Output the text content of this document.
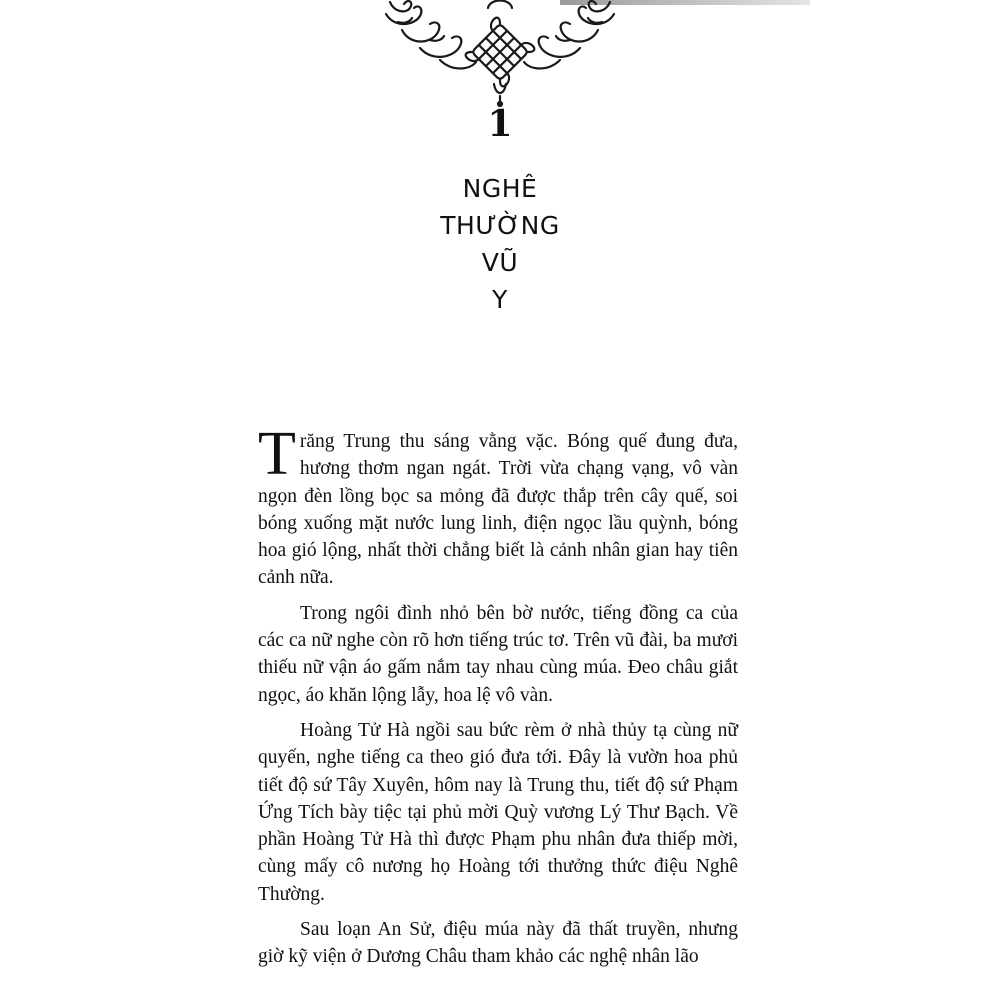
1
NGHÊ
THƯỜNG
VŨ
Y

Trăng Trung thu sáng vằng vặc. Bóng quế đung đưa, hương thơm ngan ngát. Trời vừa chạng vạng, vô vàn ngọn đèn lồng bọc sa mỏng đã được thắp trên cây quế, soi bóng xuống mặt nước lung linh, điện ngọc lầu quỳnh, bóng hoa gió lộng, nhất thời chẳng biết là cảnh nhân gian hay tiên cảnh nữa.

Trong ngôi đình nhỏ bên bờ nước, tiếng đồng ca của các ca nữ nghe còn rõ hơn tiếng trúc tơ. Trên vũ đài, ba mươi thiếu nữ vận áo gấm nắm tay nhau cùng múa. Đeo châu giắt ngọc, áo khăn lộng lẫy, hoa lệ vô vàn.

Hoàng Tử Hà ngồi sau bức rèm ở nhà thủy tạ cùng nữ quyến, nghe tiếng ca theo gió đưa tới. Đây là vườn hoa phủ tiết độ sứ Tây Xuyên, hôm nay là Trung thu, tiết độ sứ Phạm Ứng Tích bày tiệc tại phủ mời Quỳ vương Lý Thư Bạch. Về phần Hoàng Tử Hà thì được Phạm phu nhân đưa thiếp mời, cùng mấy cô nương họ Hoàng tới thưởng thức điệu Nghê Thường.

Sau loạn An Sử, điệu múa này đã thất truyền, nhưng giờ kỹ viện ở Dương Châu tham khảo các nghệ nhân lão
